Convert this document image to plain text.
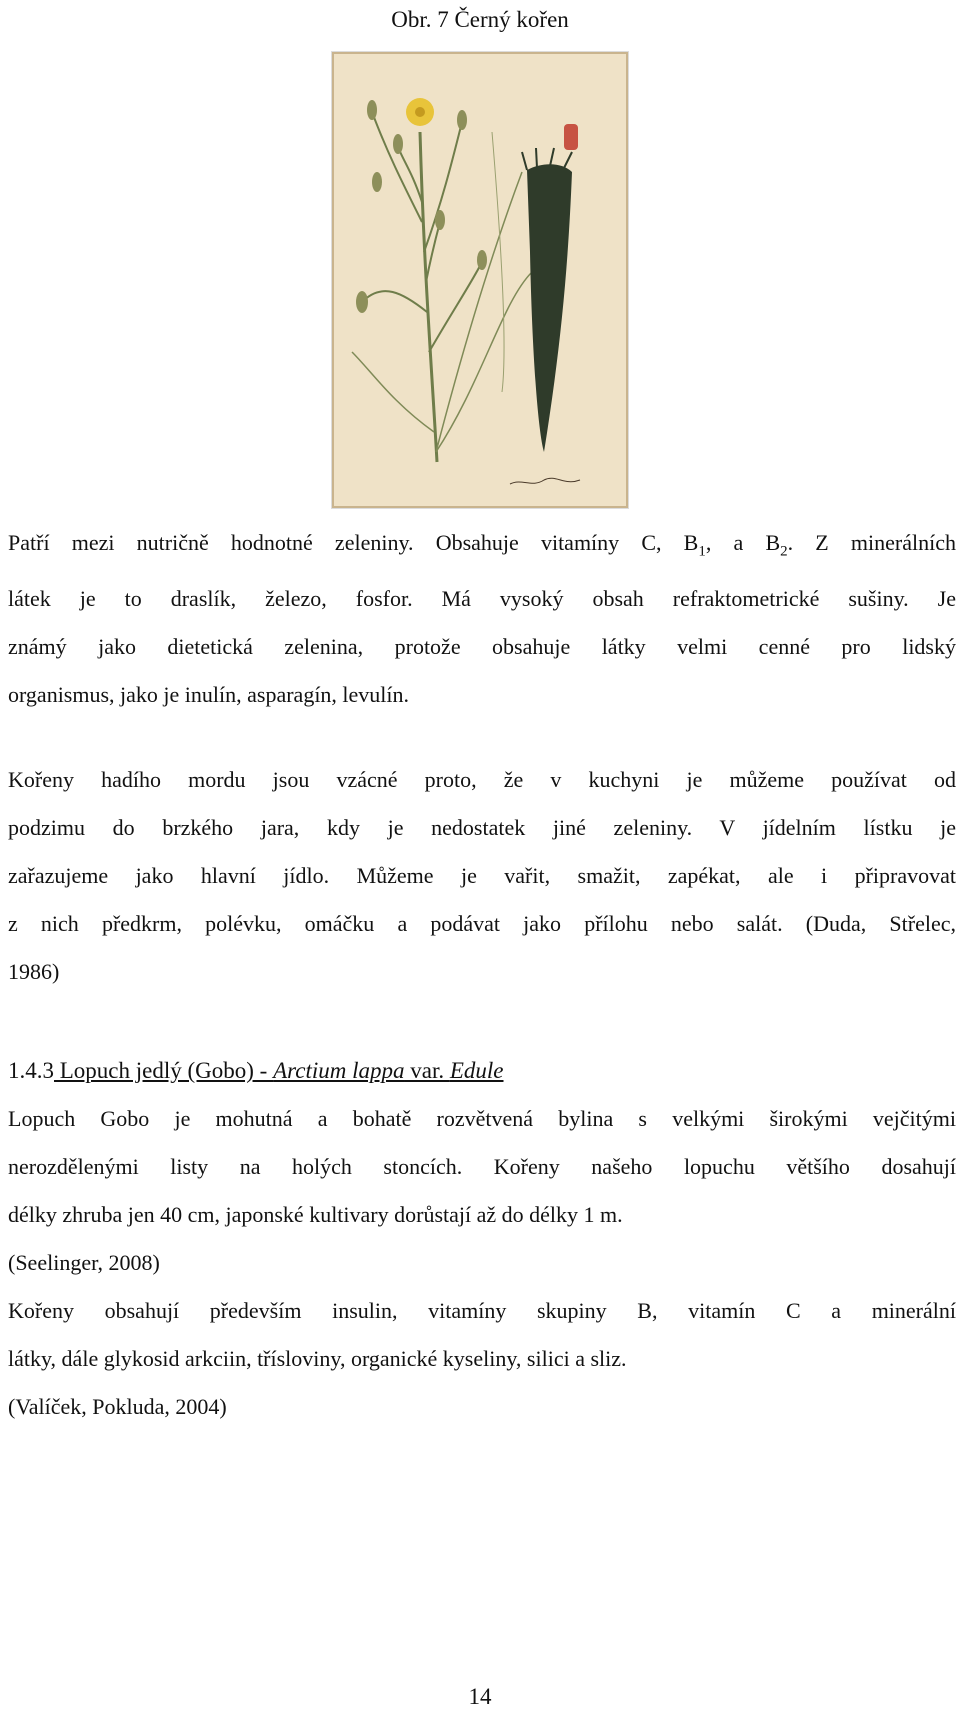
Obr. 7 Černý kořen
Patří mezi nutričně hodnotné zeleniny. Obsahuje vitamíny C, $B_1$, a $B_2$. Z minerálních
látek je to draslík, železo, fosfor. Má vysoký obsah refraktometrické sušiny. Je
známý jako dietetická zelenina, protože obsahuje látky velmi cenné pro lidský
organismus, jako je inulín, asparagín, levulín.
Kořeny hadího mordu jsou vzácné proto, že v kuchyni je můžeme používat od
podzimu do brzkého jara, kdy je nedostatek jiné zeleniny. V jídelním lístku je
zařazujeme jako hlavní jídlo. Můžeme je vařit, smažit, zapékat, ale i připravovat
z nich předkrm, polévku, omáčku a podávat jako přílohu nebo salát. (Duda, Střelec,
1986)
1.4.3 Lopuch jedlý (Gobo) - Arctium lappa var. Edule
Lopuch Gobo je mohutná a bohatě rozvětvená bylina s velkými širokými vejčitými
nerozdělenými listy na holých stoncích. Kořeny našeho lopuchu většího dosahují
délky zhruba jen 40 cm, japonské kultivary dorůstají až do délky 1 m.
(Seelinger, 2008)
Kořeny obsahují především insulin, vitamíny skupiny B, vitamín C a minerální
látky, dále glykosid arkciin, třísloviny, organické kyseliny, silici a sliz.
(Valíček, Pokluda, 2004)
14
